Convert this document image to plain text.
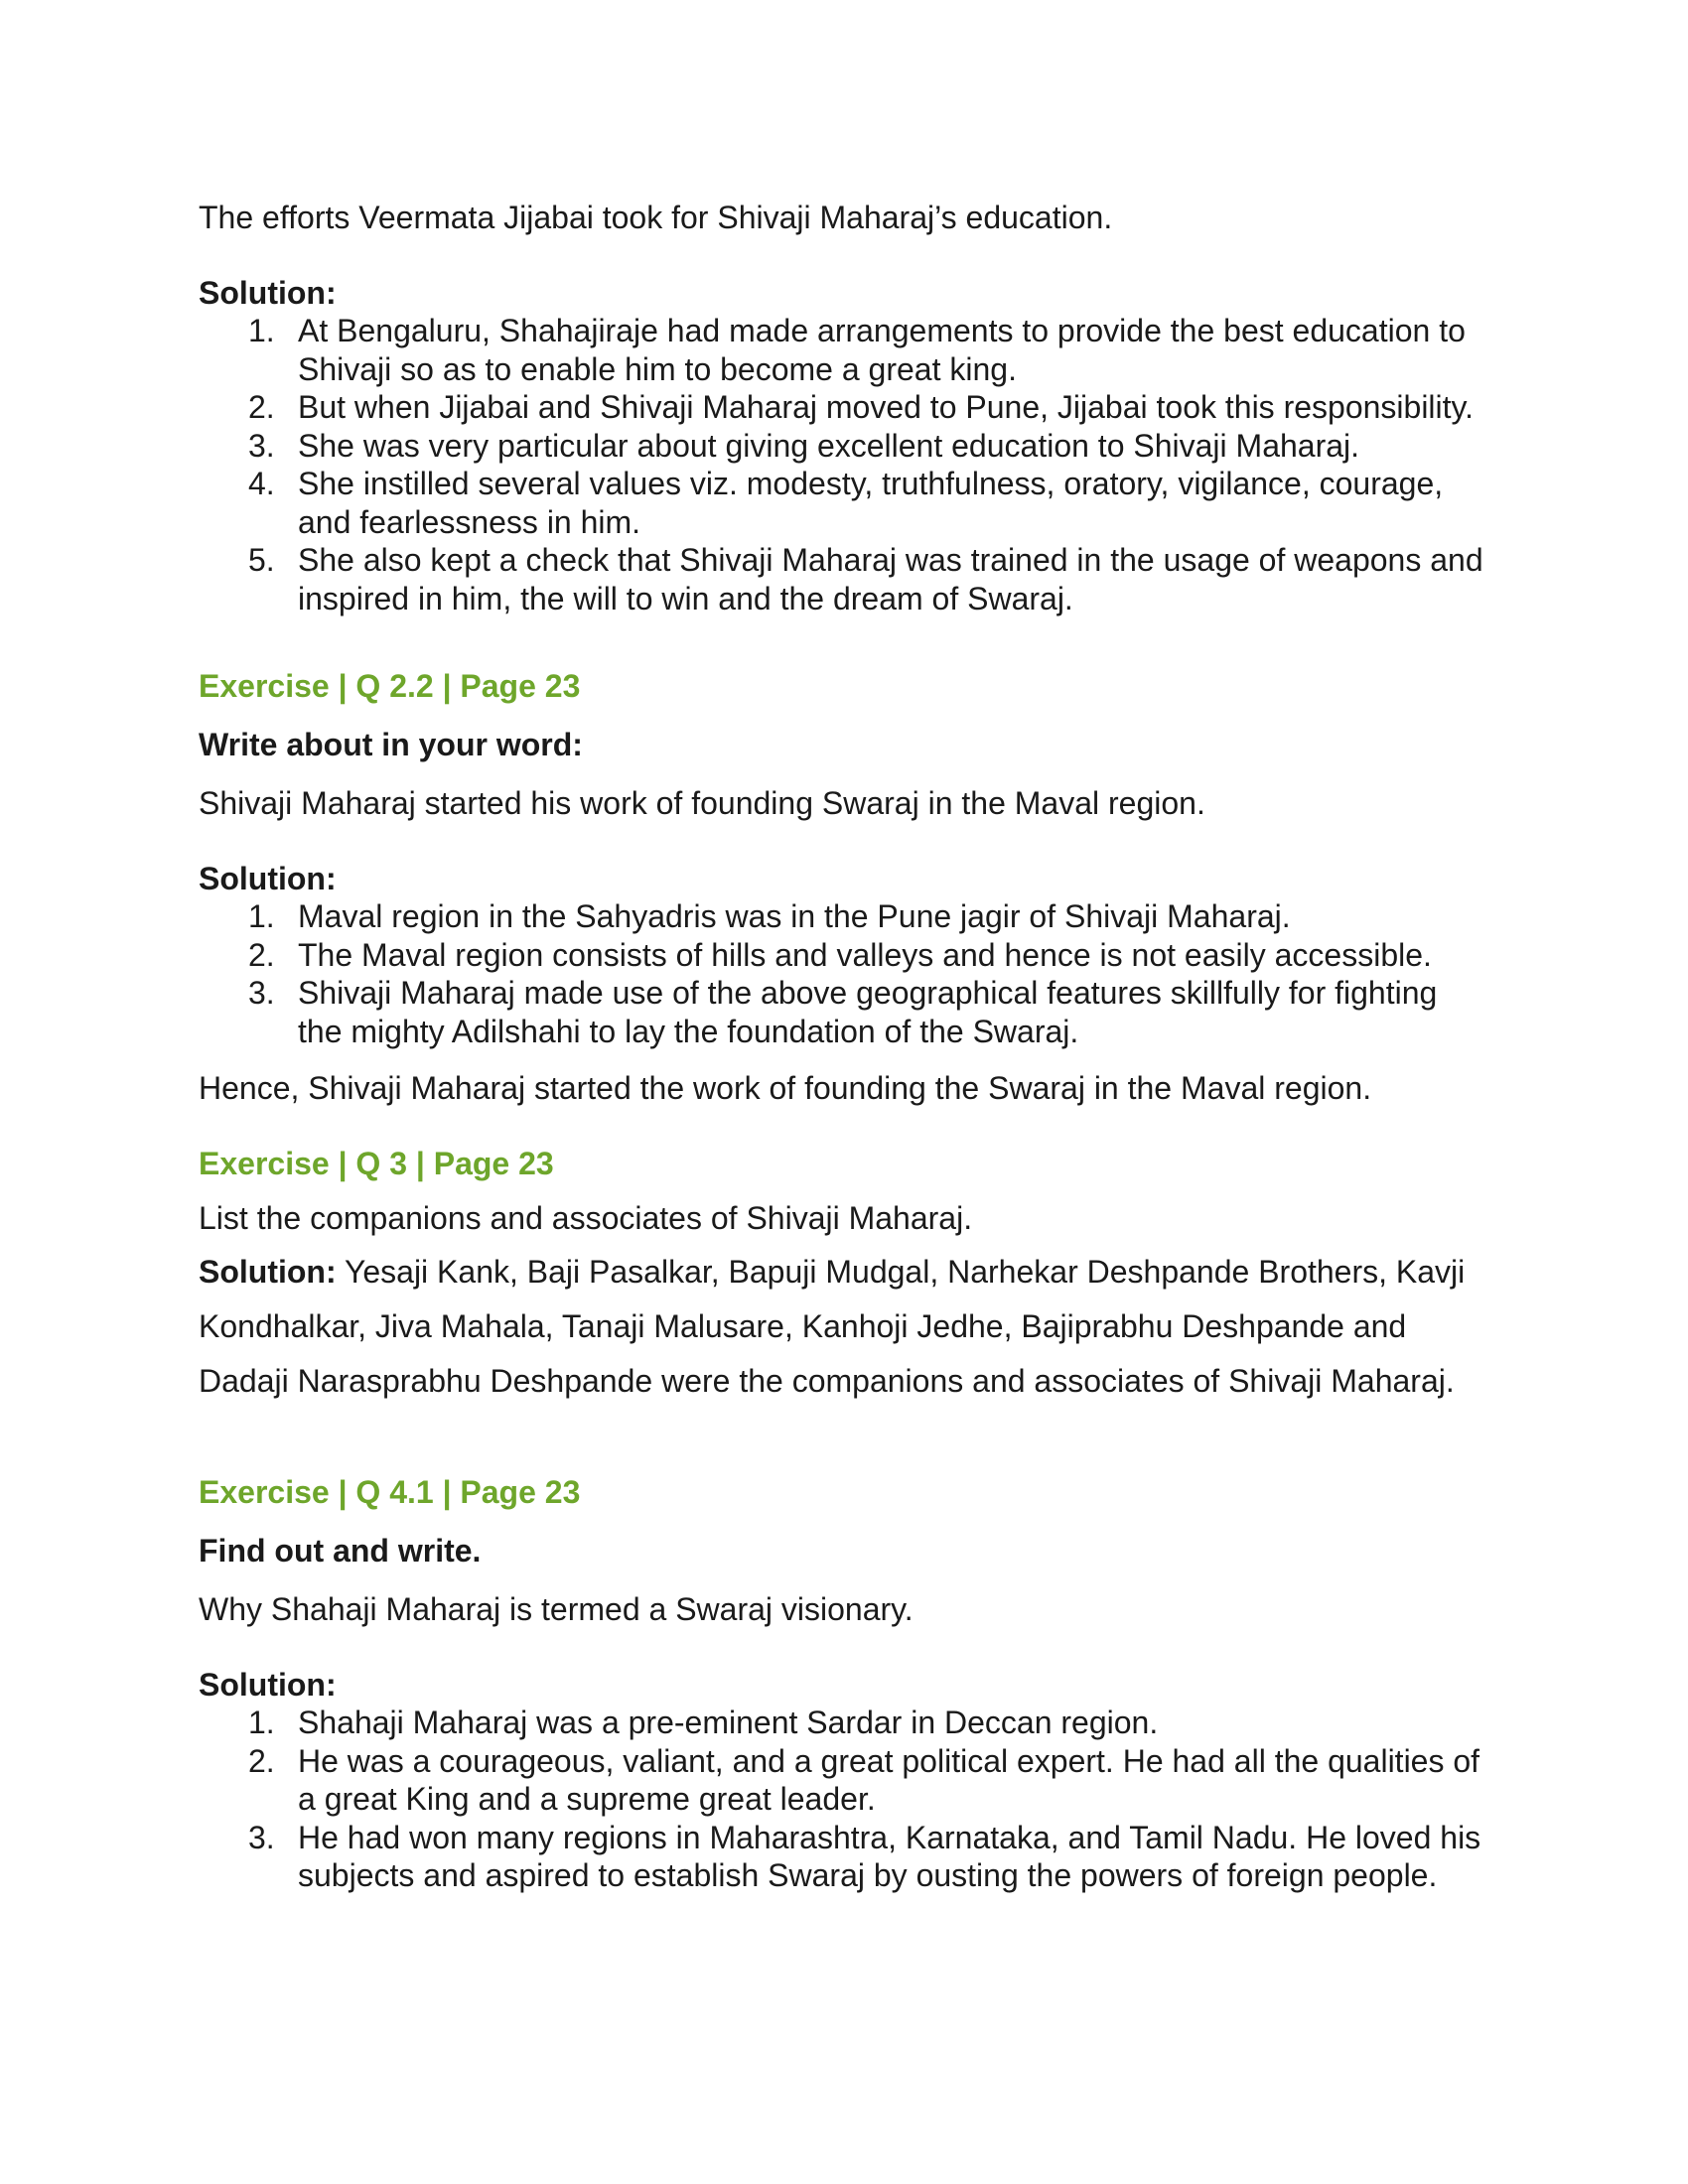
The efforts Veermata Jijabai took for Shivaji Maharaj’s education.

Solution:

1. At Bengaluru, Shahajiraje had made arrangements to provide the best education to Shivaji so as to enable him to become a great king.
2. But when Jijabai and Shivaji Maharaj moved to Pune, Jijabai took this responsibility.
3. She was very particular about giving excellent education to Shivaji Maharaj.
4. She instilled several values viz. modesty, truthfulness, oratory, vigilance, courage, and fearlessness in him.
5. She also kept a check that Shivaji Maharaj was trained in the usage of weapons and inspired in him, the will to win and the dream of Swaraj.

Exercise | Q 2.2 | Page 23

Write about in your word:

Shivaji Maharaj started his work of founding Swaraj in the Maval region.

Solution:

1. Maval region in the Sahyadris was in the Pune jagir of Shivaji Maharaj.
2. The Maval region consists of hills and valleys and hence is not easily accessible.
3. Shivaji Maharaj made use of the above geographical features skillfully for fighting the mighty Adilshahi to lay the foundation of the Swaraj.

Hence, Shivaji Maharaj started the work of founding the Swaraj in the Maval region.

Exercise | Q 3 | Page 23

List the companions and associates of Shivaji Maharaj.

Solution: Yesaji Kank, Baji Pasalkar, Bapuji Mudgal, Narhekar Deshpande Brothers, Kavji Kondhalkar, Jiva Mahala, Tanaji Malusare, Kanhoji Jedhe, Bajiprabhu Deshpande and Dadaji Narasprabhu Deshpande were the companions and associates of Shivaji Maharaj.

Exercise | Q 4.1 | Page 23

Find out and write.

Why Shahaji Maharaj is termed a Swaraj visionary.

Solution:

1. Shahaji Maharaj was a pre-eminent Sardar in Deccan region.
2. He was a courageous, valiant, and a great political expert. He had all the qualities of a great King and a supreme great leader.
3. He had won many regions in Maharashtra, Karnataka, and Tamil Nadu. He loved his subjects and aspired to establish Swaraj by ousting the powers of foreign people.
